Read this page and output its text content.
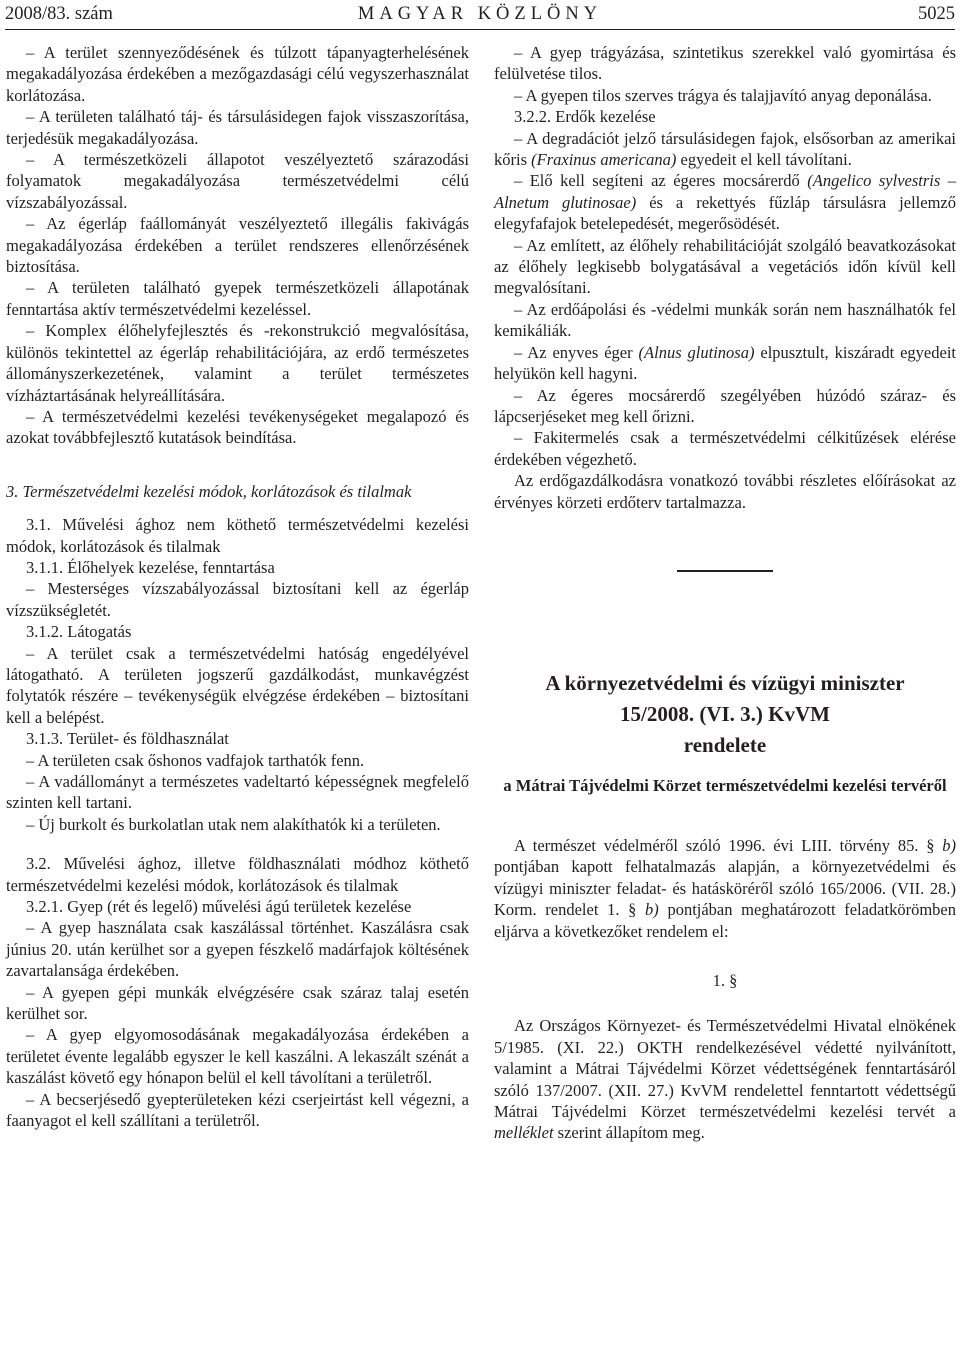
2008/83. szám	MAGYAR KÖZLÖNY	5025

– A terület szennyeződésének és túlzott tápanyagterhelésének megakadályozása érdekében a mezőgazdasági célú vegyszerhasználat korlátozása.

– A területen található táj- és társulásidegen fajok visszaszorítása, terjedésük megakadályozása.

– A természetközeli állapotot veszélyeztető szárazodási folyamatok megakadályozása természetvédelmi célú vízszabályozással.

– Az égerláp faállományát veszélyeztető illegális fakivágás megakadályozása érdekében a terület rendszeres ellenőrzésének biztosítása.

– A területen található gyepek természetközeli állapotának fenntartása aktív természetvédelmi kezeléssel.

– Komplex élőhelyfejlesztés és -rekonstrukció megvalósítása, különös tekintettel az égerláp rehabilitációjára, az erdő természetes állományszerkezetének, valamint a terület természetes vízháztartásának helyreállítására.

– A természetvédelmi kezelési tevékenységeket megalapozó és azokat továbbfejlesztő kutatások beindítása.

3. Természetvédelmi kezelési módok, korlátozások és tilalmak

3.1. Művelési ághoz nem köthető természetvédelmi kezelési módok, korlátozások és tilalmak

3.1.1. Élőhelyek kezelése, fenntartása

– Mesterséges vízszabályozással biztosítani kell az égerláp vízszükségletét.

3.1.2. Látogatás

– A terület csak a természetvédelmi hatóság engedélyével látogatható. A területen jogszerű gazdálkodást, munkavégzést folytatók részére – tevékenységük elvégzése érdekében – biztosítani kell a belépést.

3.1.3. Terület- és földhasználat

– A területen csak őshonos vadfajok tarthatók fenn.

– A vadállományt a természetes vadeltartó képességnek megfelelő szinten kell tartani.

– Új burkolt és burkolatlan utak nem alakíthatók ki a területen.

3.2. Művelési ághoz, illetve földhasználati módhoz köthető természetvédelmi kezelési módok, korlátozások és tilalmak

3.2.1. Gyep (rét és legelő) művelési ágú területek kezelése

– A gyep használata csak kaszálással történhet. Kaszálásra csak június 20. után kerülhet sor a gyepen fészkelő madárfajok költésének zavartalansága érdekében.

– A gyepen gépi munkák elvégzésére csak száraz talaj esetén kerülhet sor.

– A gyep elgyomosodásának megakadályozása érdekében a területet évente legalább egyszer le kell kaszálni. A lekaszált szénát a kaszálást követő egy hónapon belül el kell távolítani a területről.

– A becserjésedő gyepterületeken kézi cserjeirtást kell végezni, a faanyagot el kell szállítani a területről.

– A gyep trágyázása, szintetikus szerekkel való gyomirtása és felülvetése tilos.

– A gyepen tilos szerves trágya és talajjavító anyag deponálása.

3.2.2. Erdők kezelése

– A degradációt jelző társulásidegen fajok, elsősorban az amerikai kőris (Fraxinus americana) egyedeit el kell távolítani.

– Elő kell segíteni az égeres mocsárerdő (Angelico sylvestris – Alnetum glutinosae) és a rekettyés fűzláp társulásra jellemző elegyfafajok betelepedését, megerősödését.

– Az említett, az élőhely rehabilitációját szolgáló beavatkozásokat az élőhely legkisebb bolygatásával a vegetációs időn kívül kell megvalósítani.

– Az erdőápolási és -védelmi munkák során nem használhatók fel kemikáliák.

– Az enyves éger (Alnus glutinosa) elpusztult, kiszáradt egyedeit helyükön kell hagyni.

– Az égeres mocsárerdő szegélyében húzódó száraz- és lápcserjéseket meg kell őrizni.

– Fakitermelés csak a természetvédelmi célkitűzések elérése érdekében végezhető.

Az erdőgazdálkodásra vonatkozó további részletes előírásokat az érvényes körzeti erdőterv tartalmazza.

A környezetvédelmi és vízügyi miniszter

15/2008. (VI. 3.) KvVM

rendelete

a Mátrai Tájvédelmi Körzet természetvédelmi kezelési tervéről

A természet védelméről szóló 1996. évi LIII. törvény 85. § b) pontjában kapott felhatalmazás alapján, a környezetvédelmi és vízügyi miniszter feladat- és hatásköréről szóló 165/2006. (VII. 28.) Korm. rendelet 1. § b) pontjában meghatározott feladatkörömben eljárva a következőket rendelem el:

1. §

Az Országos Környezet- és Természetvédelmi Hivatal elnökének 5/1985. (XI. 22.) OKTH rendelkezésével védetté nyilvánított, valamint a Mátrai Tájvédelmi Körzet védettségének fenntartásáról szóló 137/2007. (XII. 27.) KvVM rendelettel fenntartott védettségű Mátrai Tájvédelmi Körzet természetvédelmi kezelési tervét a melléklet szerint állapítom meg.
